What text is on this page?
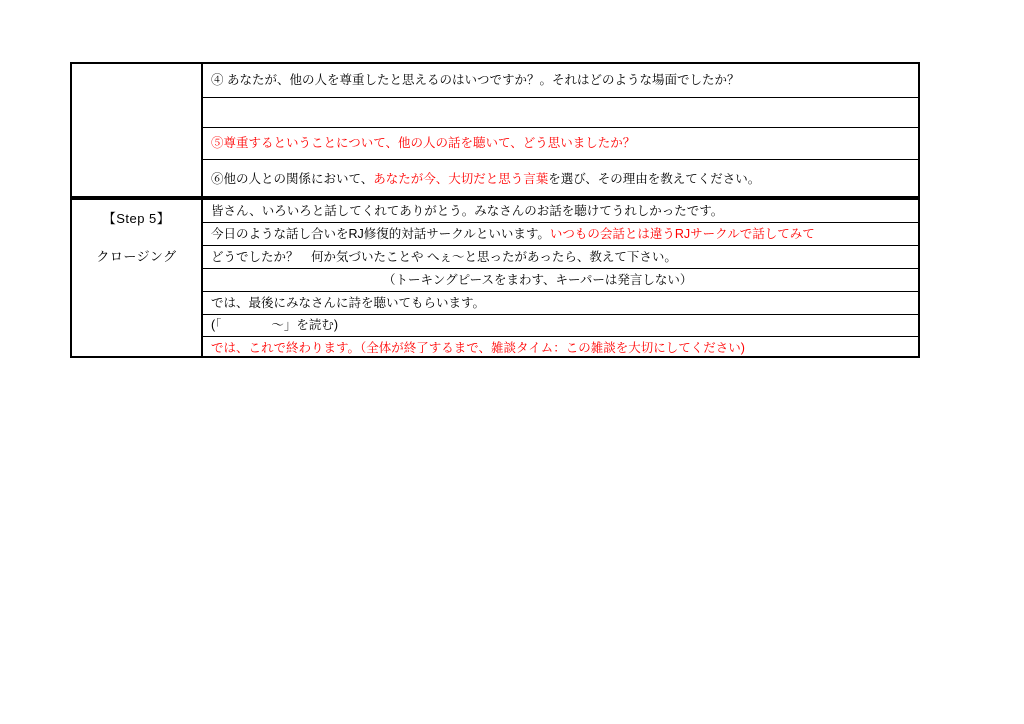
④ あなたが、他の人を尊重したと思えるのはいつですか？。それはどのような場面でしたか？
⑤尊重するということについて、他の人の話を聴いて、どう思いましたか？
⑥他の人との関係において、 あなたが今、大切だと思う言葉 を選び、その理由を教えてください。
【Step 5】
クロージング
皆さん、いろいろと話してくれてありがとう。みなさんのお話を聴けてうれしかったです。
今日のような話し合いをRJ修復的対話サークルといいます。 いつもの会話とは違うRJサークルで話してみて
どうでしたか？　何か気づいたことや へぇ～と思ったがあったら、教えて下さい。
（トーキングピースをまわす、キーパーは発言しない）
では、最後にみなさんに詩を聴いてもらいます。
(「　　　　～」を読む)
では、これで終わります。（全体が終了するまで、雑談タイム：この雑談を大切にしてください)
